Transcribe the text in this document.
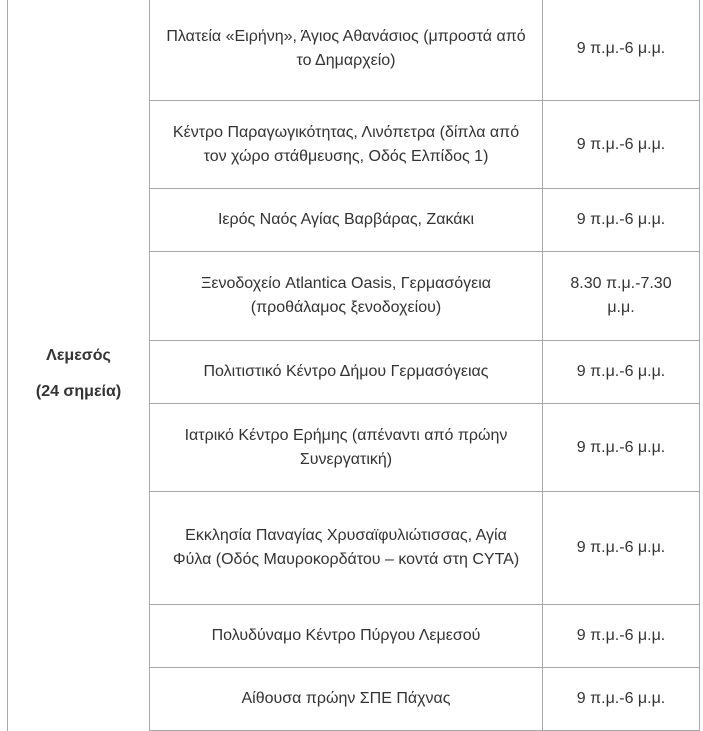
Λεμεσός
(24 σημεία)	Πλατεία «Ειρήνη», Άγιος Αθανάσιος (μπροστά από το Δημαρχείο)	9 π.μ.-6 μ.μ.
	Κέντρο Παραγωγικότητας, Λινόπετρα (δίπλα από τον χώρο στάθμευσης, Οδός Ελπίδος 1)	9 π.μ.-6 μ.μ.
	Ιερός Ναός Αγίας Βαρβάρας, Ζακάκι	9 π.μ.-6 μ.μ.
	Ξενοδοχείο Atlantica Oasis, Γερμασόγεια (προθάλαμος ξενοδοχείου)	8.30 π.μ.-7.30 μ.μ.
	Πολιτιστικό Κέντρο Δήμου Γερμασόγειας	9 π.μ.-6 μ.μ.
	Ιατρικό Κέντρο Ερήμης (απέναντι από πρώην Συνεργατική)	9 π.μ.-6 μ.μ.
	Εκκλησία Παναγίας Χρυσαϊφυλιώτισσας, Αγία Φύλα (Οδός Μαυροκορδάτου – κοντά στη CYTA)	9 π.μ.-6 μ.μ.
	Πολυδύναμο Κέντρο Πύργου Λεμεσού	9 π.μ.-6 μ.μ.
	Αίθουσα πρώην ΣΠΕ Πάχνας	9 π.μ.-6 μ.μ.
